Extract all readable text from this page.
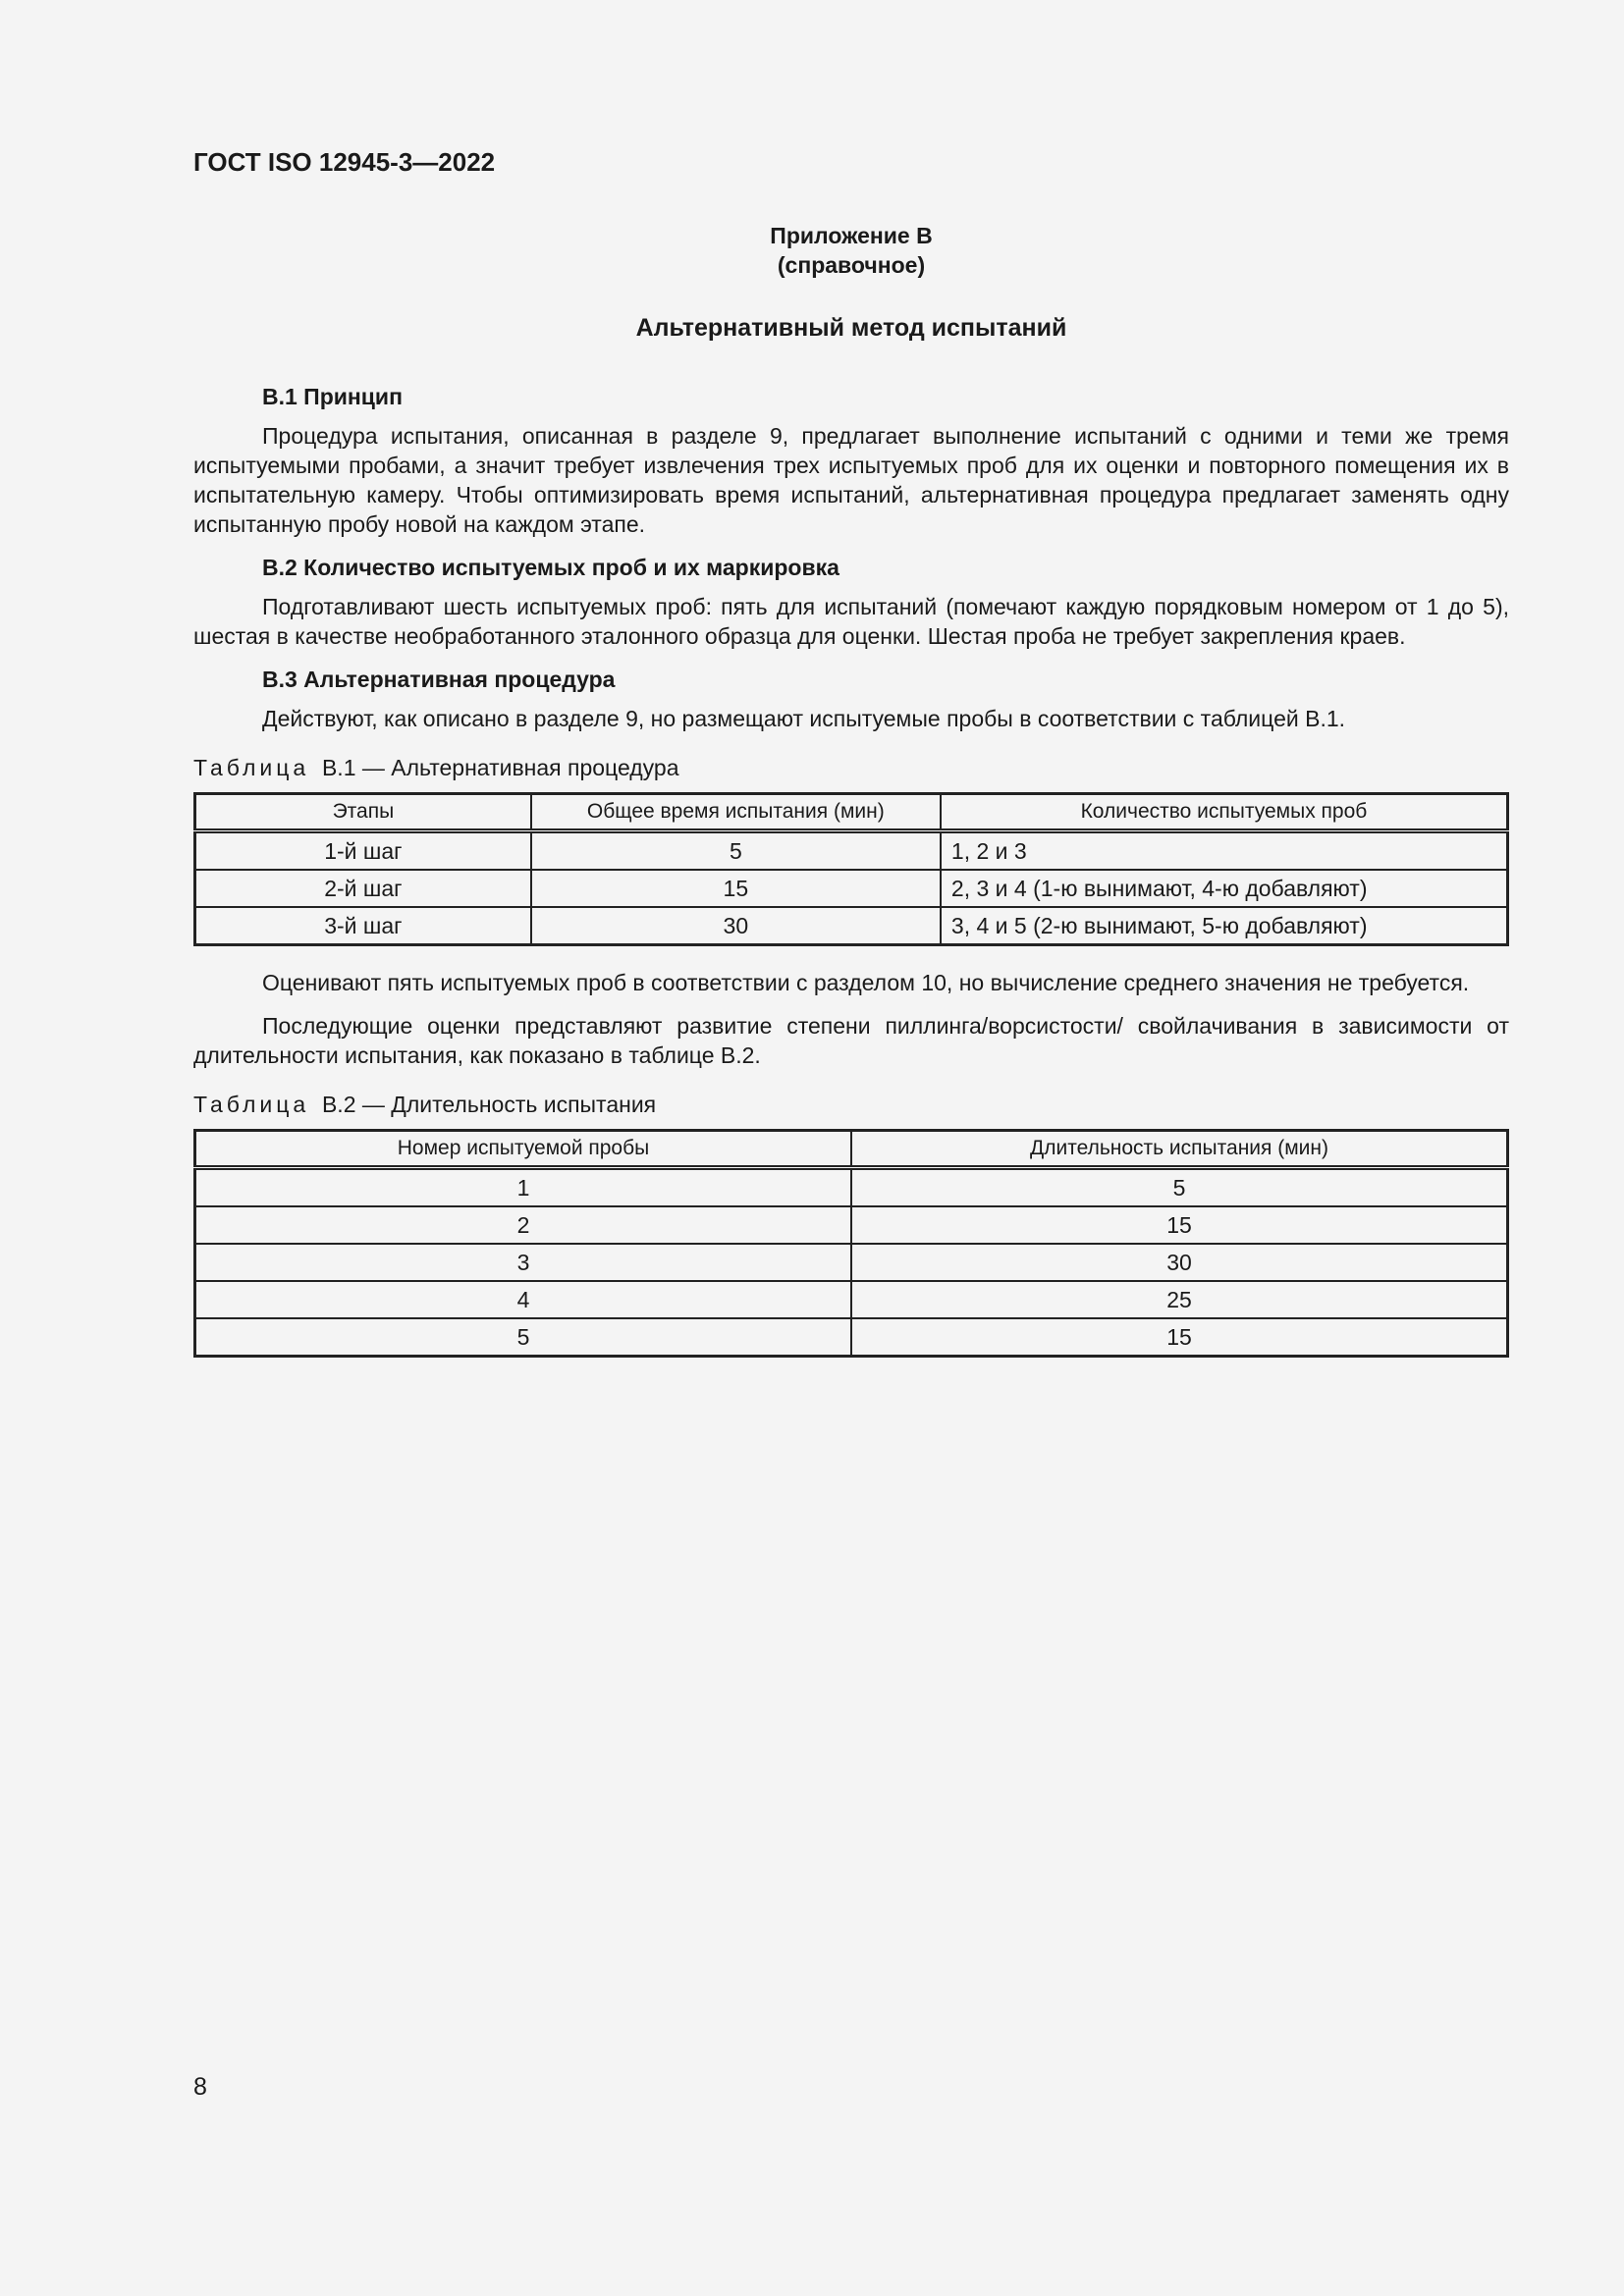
ГОСТ ISO 12945-3—2022
Приложение В
(справочное)
Альтернативный метод испытаний
В.1 Принцип

Процедура испытания, описанная в разделе 9, предлагает выполнение испытаний с одними и теми же тремя испытуемыми пробами, а значит требует извлечения трех испытуемых проб для их оценки и повторного помещения их в испытательную камеру. Чтобы оптимизировать время испытаний, альтернативная процедура предлагает заменять одну испытанную пробу новой на каждом этапе.

В.2 Количество испытуемых проб и их маркировка

Подготавливают шесть испытуемых проб: пять для испытаний (помечают каждую порядковым номером от 1 до 5), шестая в качестве необработанного эталонного образца для оценки. Шестая проба не требует закрепления краев.

В.3 Альтернативная процедура

Действуют, как описано в разделе 9, но размещают испытуемые пробы в соответствии с таблицей В.1.

Таблица В.1 — Альтернативная процедура
Этапы	Общее время испытания (мин)	Количество испытуемых проб
1-й шаг	5	1, 2 и 3
2-й шаг	15	2, 3 и 4 (1-ю вынимают, 4-ю добавляют)
3-й шаг	30	3, 4 и 5 (2-ю вынимают, 5-ю добавляют)

Оценивают пять испытуемых проб в соответствии с разделом 10, но вычисление среднего значения не требуется.

Последующие оценки представляют развитие степени пиллинга/ворсистости/ свойлачивания в зависимости от длительности испытания, как показано в таблице В.2.

Таблица В.2 — Длительность испытания
Номер испытуемой пробы	Длительность испытания (мин)
1	5
2	15
3	30
4	25
5	15
8
